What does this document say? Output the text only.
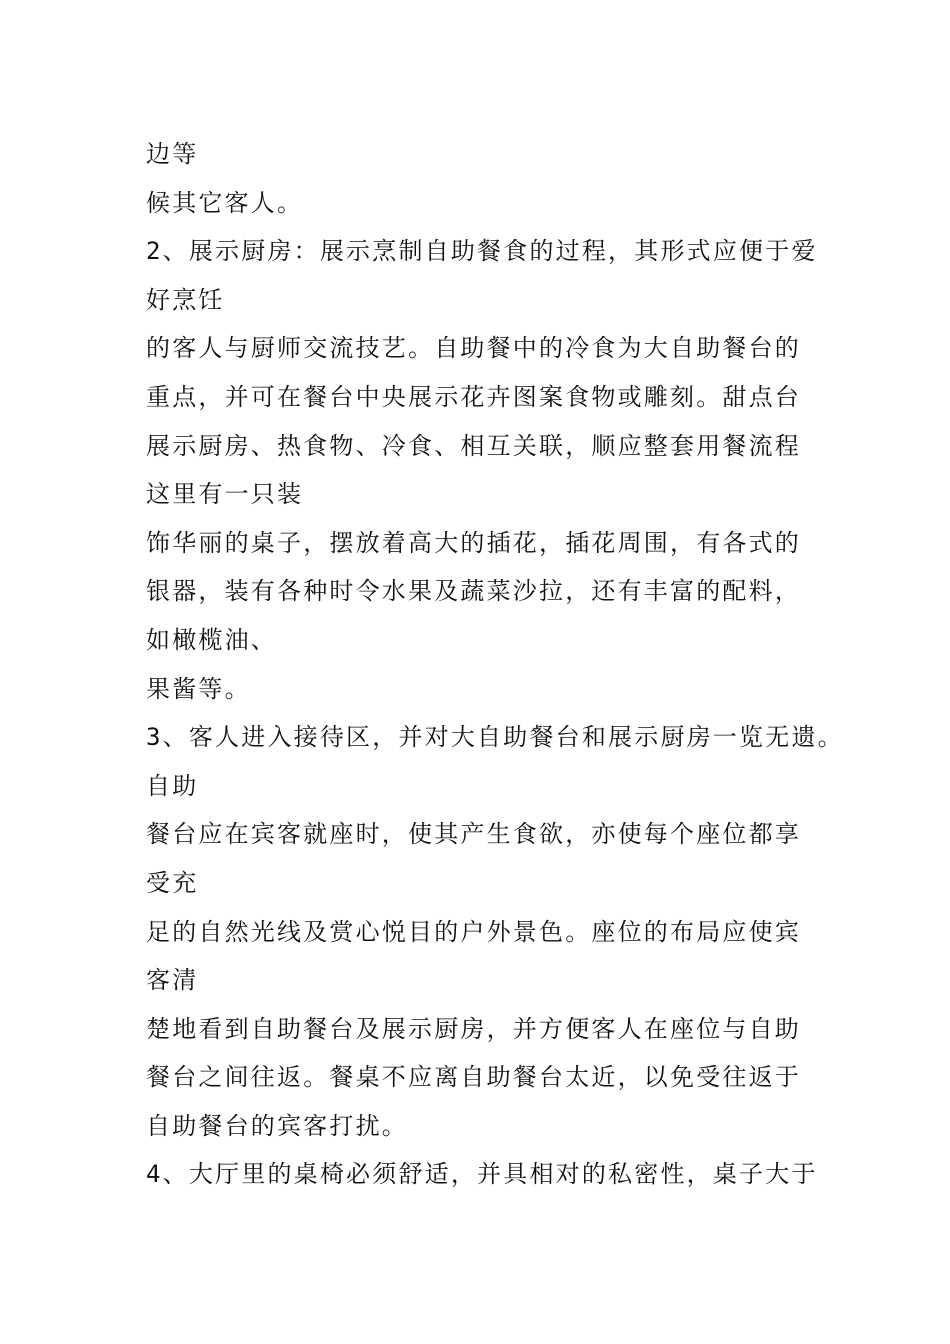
边等
候其它客人。
2、展示厨房：展示烹制自助餐食的过程，其形式应便于爱
好烹饪
的客人与厨师交流技艺。自助餐中的冷食为大自助餐台的
重点，并可在餐台中央展示花卉图案食物或雕刻。甜点台
展示厨房、热食物、冷食、相互关联，顺应整套用餐流程
这里有一只装
饰华丽的桌子，摆放着高大的插花，插花周围，有各式的
银器，装有各种时令水果及蔬菜沙拉，还有丰富的配料，
如橄榄油、
果酱等。
3、客人进入接待区，并对大自助餐台和展示厨房一览无遗。
自助
餐台应在宾客就座时，使其产生食欲，亦使每个座位都享
受充
足的自然光线及赏心悦目的户外景色。座位的布局应使宾
客清
楚地看到自助餐台及展示厨房，并方便客人在座位与自助
餐台之间往返。餐桌不应离自助餐台太近，以免受往返于
自助餐台的宾客打扰。
4、大厅里的桌椅必须舒适，并具相对的私密性，桌子大于
